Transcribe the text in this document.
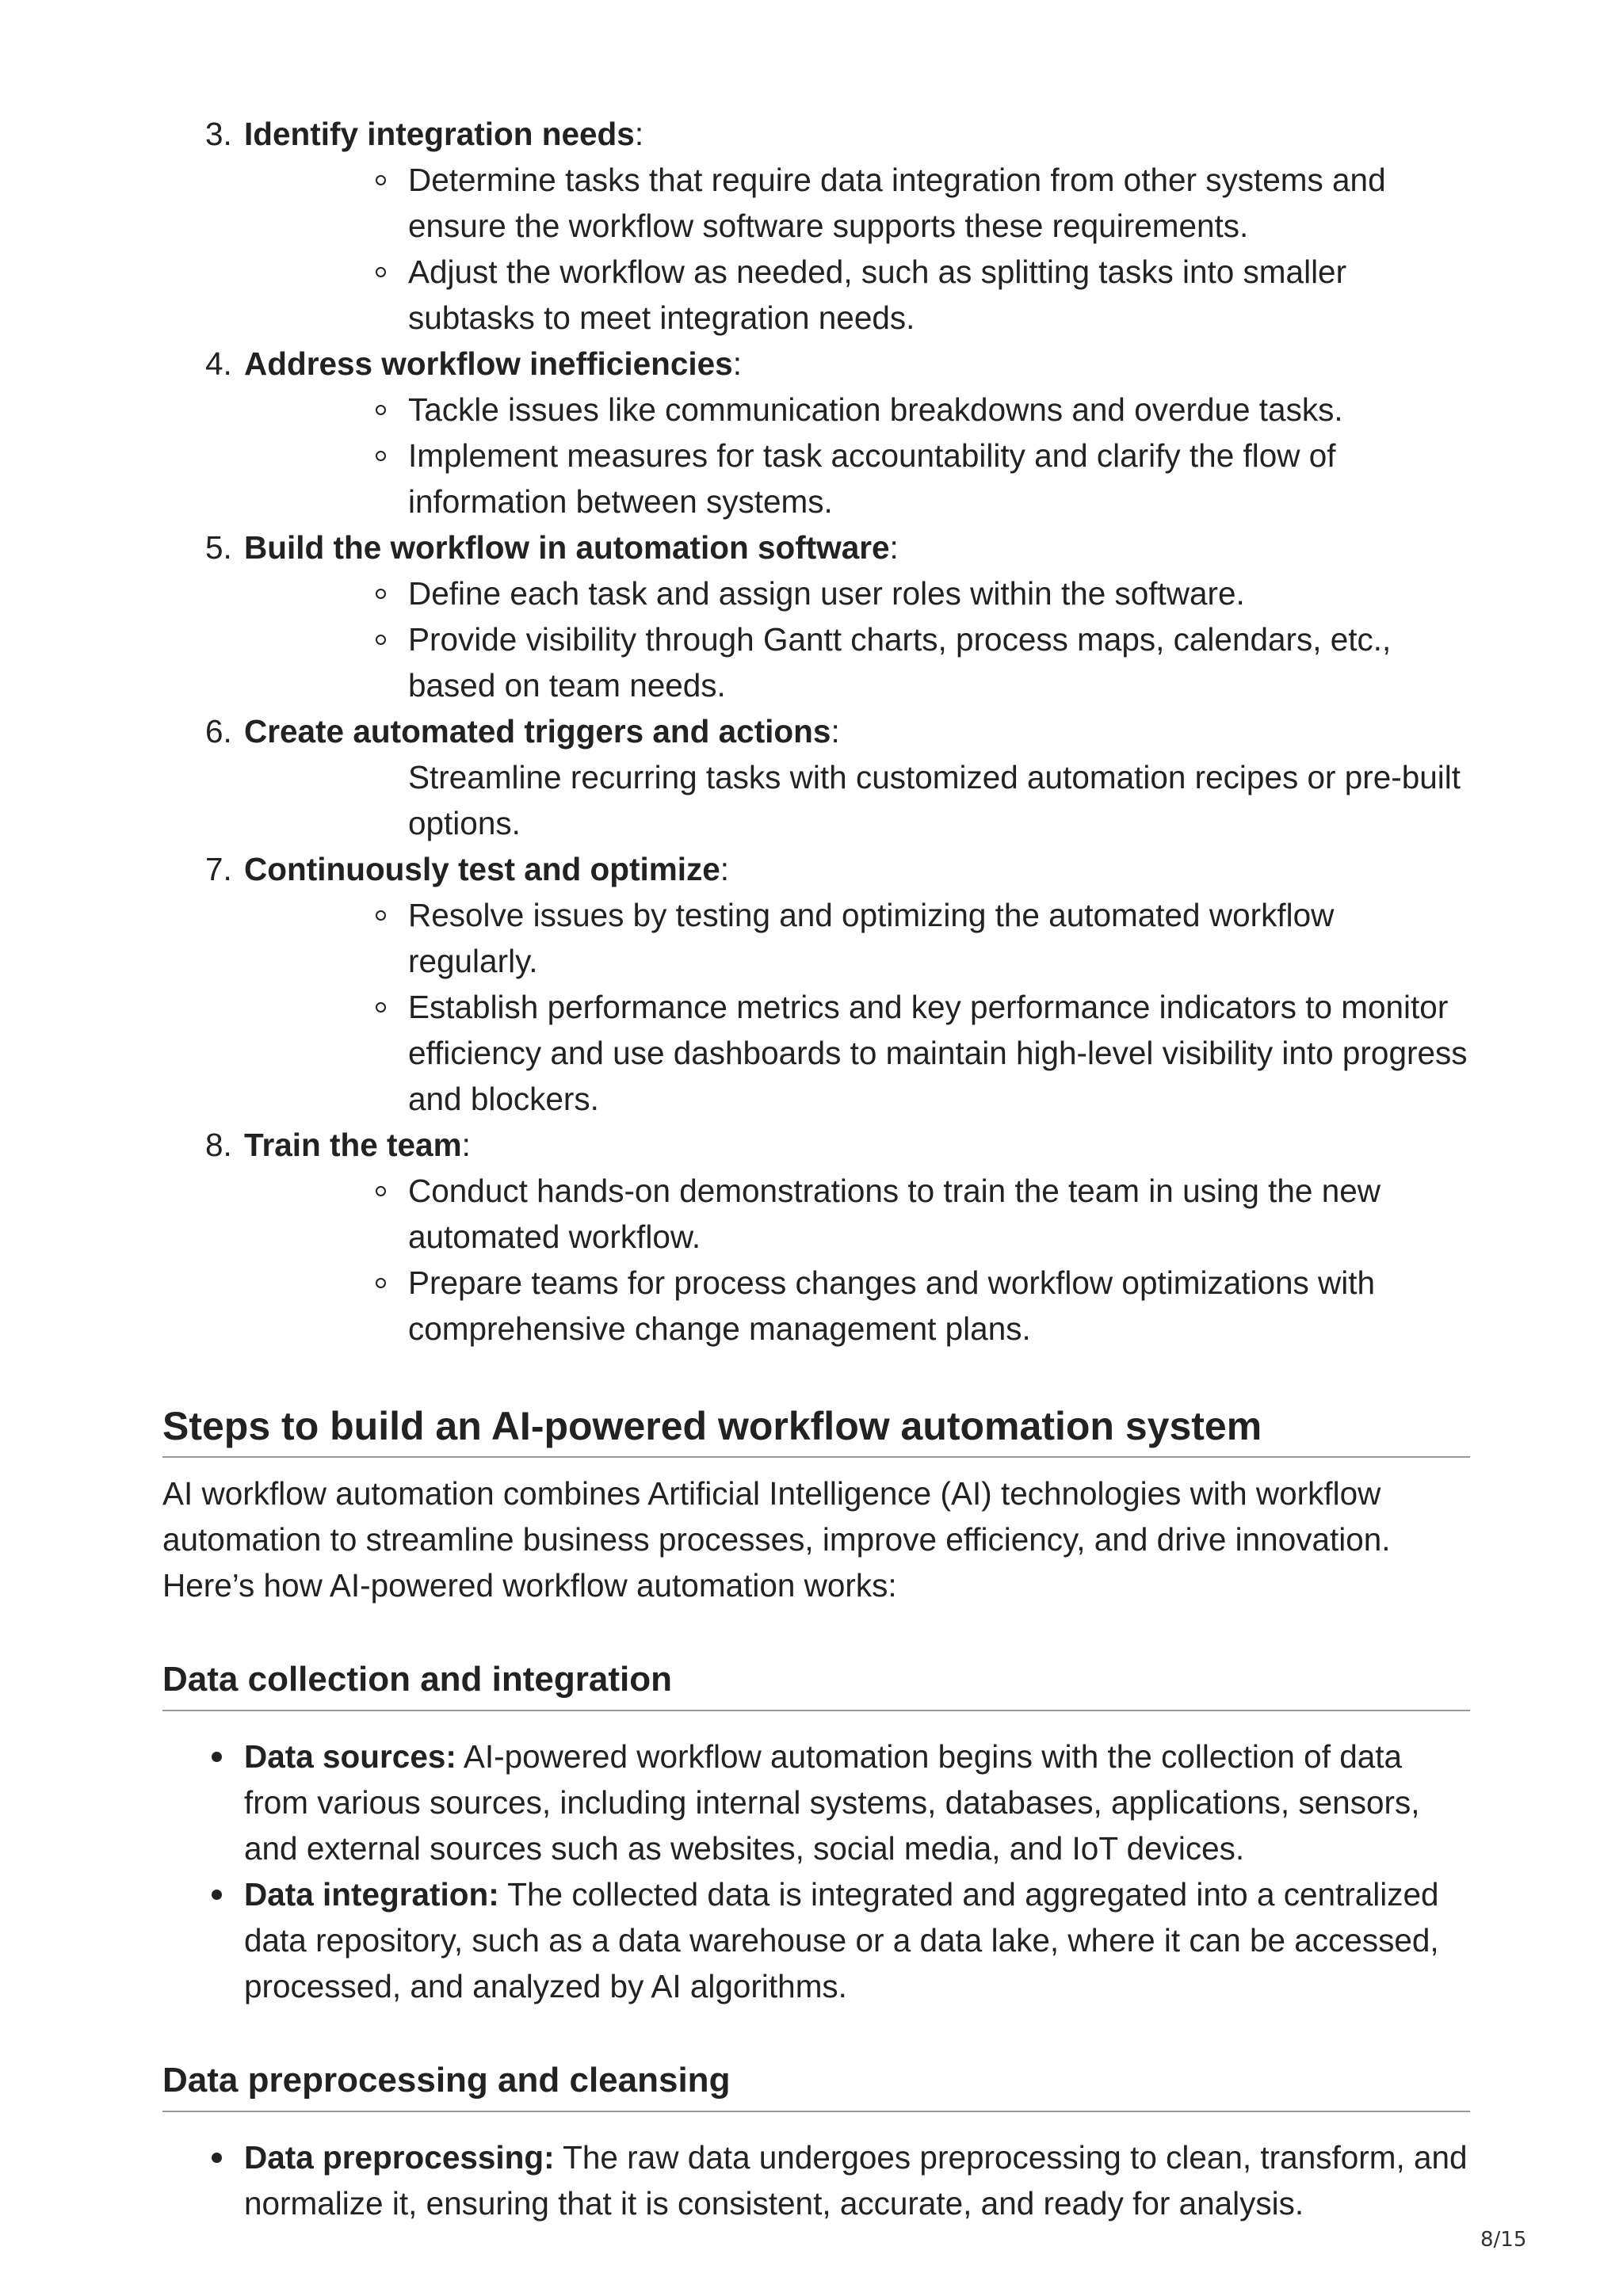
3. Identify integration needs:
Determine tasks that require data integration from other systems and ensure the workflow software supports these requirements.
Adjust the workflow as needed, such as splitting tasks into smaller subtasks to meet integration needs.
4. Address workflow inefficiencies:
Tackle issues like communication breakdowns and overdue tasks.
Implement measures for task accountability and clarify the flow of information between systems.
5. Build the workflow in automation software:
Define each task and assign user roles within the software.
Provide visibility through Gantt charts, process maps, calendars, etc., based on team needs.
6. Create automated triggers and actions:
Streamline recurring tasks with customized automation recipes or pre-built options.
7. Continuously test and optimize:
Resolve issues by testing and optimizing the automated workflow regularly.
Establish performance metrics and key performance indicators to monitor efficiency and use dashboards to maintain high-level visibility into progress and blockers.
8. Train the team:
Conduct hands-on demonstrations to train the team in using the new automated workflow.
Prepare teams for process changes and workflow optimizations with comprehensive change management plans.
Steps to build an AI-powered workflow automation system

AI workflow automation combines Artificial Intelligence (AI) technologies with workflow automation to streamline business processes, improve efficiency, and drive innovation. Here’s how AI-powered workflow automation works:

Data collection and integration
Data sources: AI-powered workflow automation begins with the collection of data from various sources, including internal systems, databases, applications, sensors, and external sources such as websites, social media, and IoT devices.
Data integration: The collected data is integrated and aggregated into a centralized data repository, such as a data warehouse or a data lake, where it can be accessed, processed, and analyzed by AI algorithms.
Data preprocessing and cleansing
Data preprocessing: The raw data undergoes preprocessing to clean, transform, and normalize it, ensuring that it is consistent, accurate, and ready for analysis.
8/15
